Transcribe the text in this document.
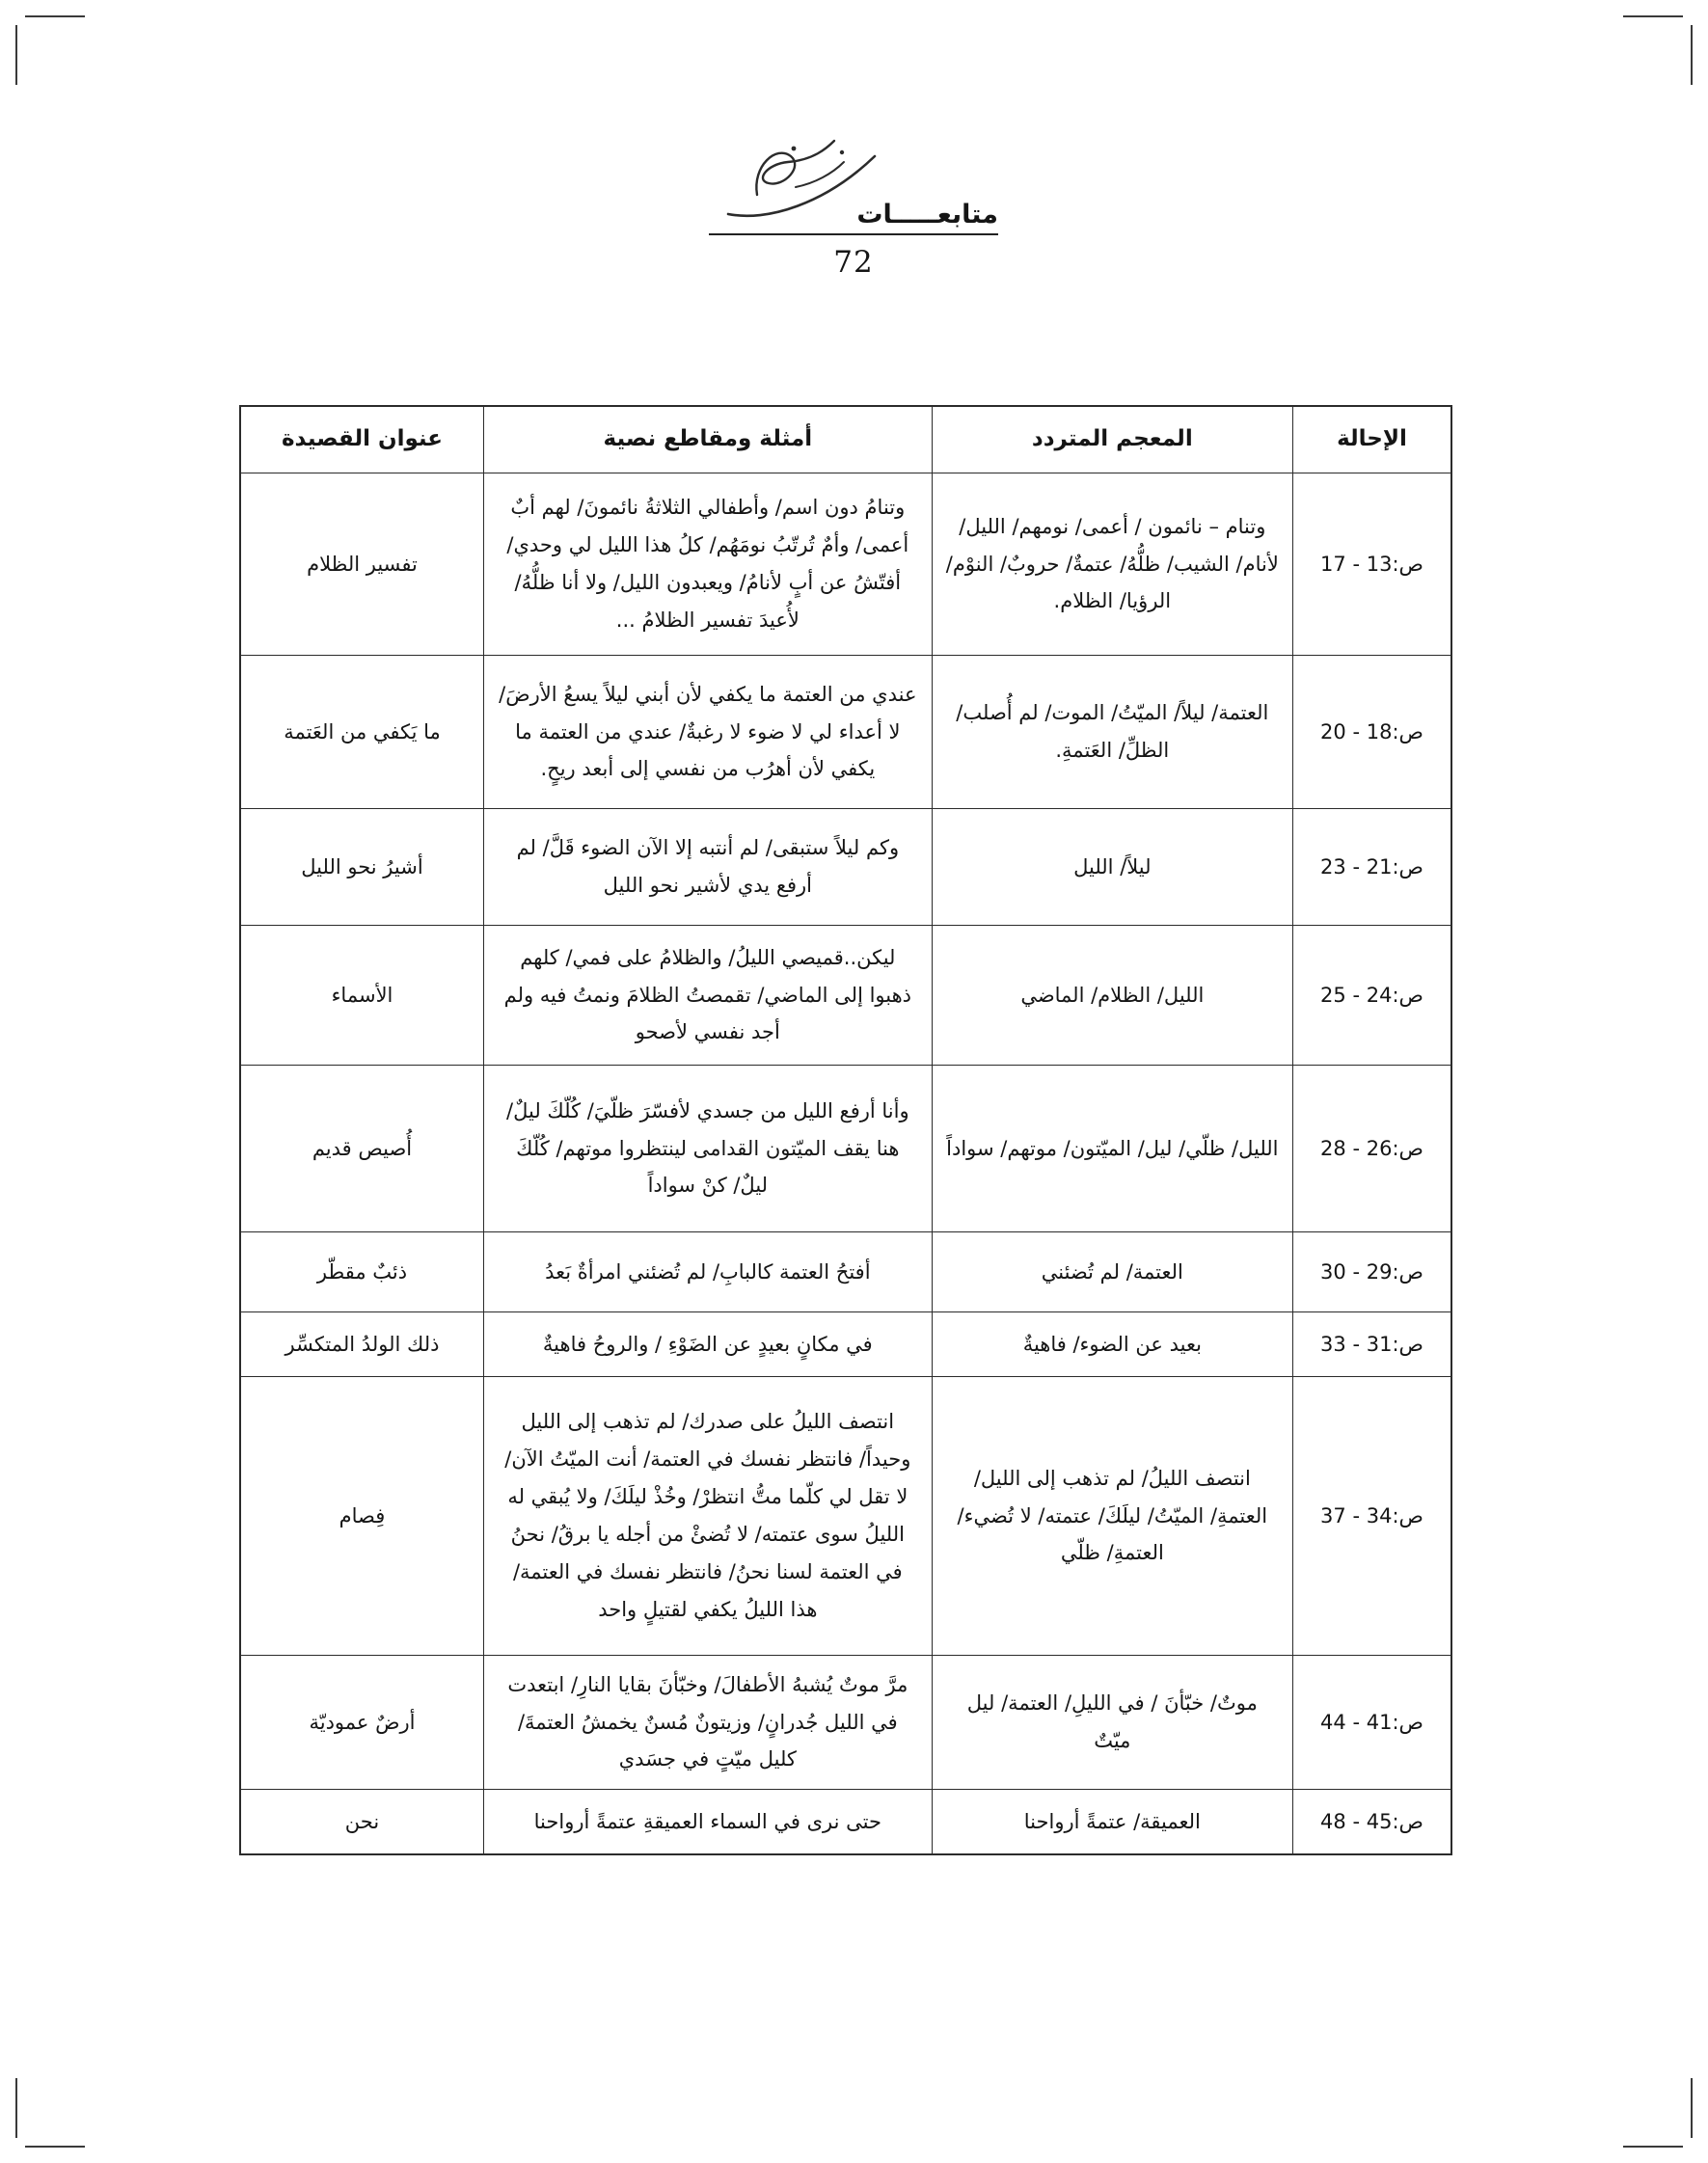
متابعـــــات
72
الإحالة	المعجم المتردد	أمثلة ومقاطع نصية	عنوان القصيدة
ص:13 - 17	وتنام – نائمون / أعمى/ نومهم/ الليل/ لأنام/ الشيب/ ظلُّهُ/ عتمةٌ/ حروبٌ/ النوْم/ الرؤيا/ الظلام.	وتنامُ دون اسم/ وأطفالي الثلاثةُ نائمونَ/ لهم أبٌ أعمى/ وأمٌ تُرتّبُ نومَهُم/ كلُ هذا الليل لي وحدي/ أفتّشُ عن أبٍ لأنامُ/ ويعبدون الليل/ ولا أنا ظلُّهُ/ لأُعيدَ تفسير الظلامُ ...	تفسير الظلام
ص:18 - 20	العتمة/ ليلاً/ الميّتُ/ الموت/ لم أُصلب/ الظلِّ/ العَتمةِ.	عندي من العتمة ما يكفي لأن أبني ليلاً يسعُ الأرضَ/ لا أعداء لي لا ضوء لا رغبةٌ/ عندي من العتمة ما يكفي لأن أهرُب من نفسي إلى أبعد ريحٍ.	ما يَكفي من العَتمة
ص:21 - 23	ليلاً/ الليل	وكم ليلاً ستبقى/ لم أنتبه إلا الآن الضوء قَلَّ/ لم أرفع يدي لأشير نحو الليل	أشيرُ نحو الليل
ص:24 - 25	الليل/ الظلام/ الماضي	ليكن..قميصي الليلُ/ والظلامُ على فمي/ كلهم ذهبوا إلى الماضي/ تقمصتُ الظلامَ ونمتُ فيه ولم أجد نفسي لأصحو	الأسماء
ص:26 - 28	الليل/ ظلّي/ ليل/ الميّتون/ موتهم/ سواداً	وأنا أرفع الليل من جسدي لأفسّرَ ظلّيَ/ كُلّكَ ليلٌ/ هنا يقف الميّتون القدامى لينتظروا موتهم/ كُلّكَ ليلٌ/ كنْ سواداً	أُصيص قديم
ص:29 - 30	العتمة/ لم تُضئني	أفتحُ العتمة كالبابِ/ لم تُضئني امرأةٌ بَعدُ	ذئبٌ مقطّر
ص:31 - 33	بعيد عن الضوء/ فاهيةٌ	في مكانٍ بعيدٍ عن الضَوْءِ / والروحُ فاهيةٌ	ذلك الولدُ المتكسِّر
ص:34 - 37	انتصف الليلُ/ لم تذهب إلى الليل/ العتمةِ/ الميّتُ/ ليلَكَ/ عتمته/ لا تُضيء/ العتمةِ/ ظلّي	انتصف الليلُ على صدرك/ لم تذهب إلى الليل وحيداً/ فانتظر نفسك في العتمة/ أنت الميّتُ الآن/ لا تقل لي كلّما متُّ انتظرْ/ وخُذْ ليلَكَ/ ولا يُبقي له الليلُ سوى عتمته/ لا تُضئْ من أجله يا برقُ/ نحنُ في العتمة لسنا نحنُ/ فانتظر نفسك في العتمة/ هذا الليلُ يكفي لقتيلٍ واحد	فِصام
ص:41 - 44	موتٌ/ خبّأنَ / في الليلِ/ العتمة/ ليل ميّتٌ	مرَّ موتٌ يُشبهُ الأطفالَ/ وخبّأنَ بقايا النارِ/ ابتعدت في الليل جُدرانٍ/ وزيتونٌ مُسنٌ يخمشُ العتمةَ/ كليل ميّتٍ في جسَدي	أرضٌ عموديّة
ص:45 - 48	العميقة/ عتمةً أرواحنا	حتى نرى في السماء العميقةِ عتمةً أرواحنا	نحن
